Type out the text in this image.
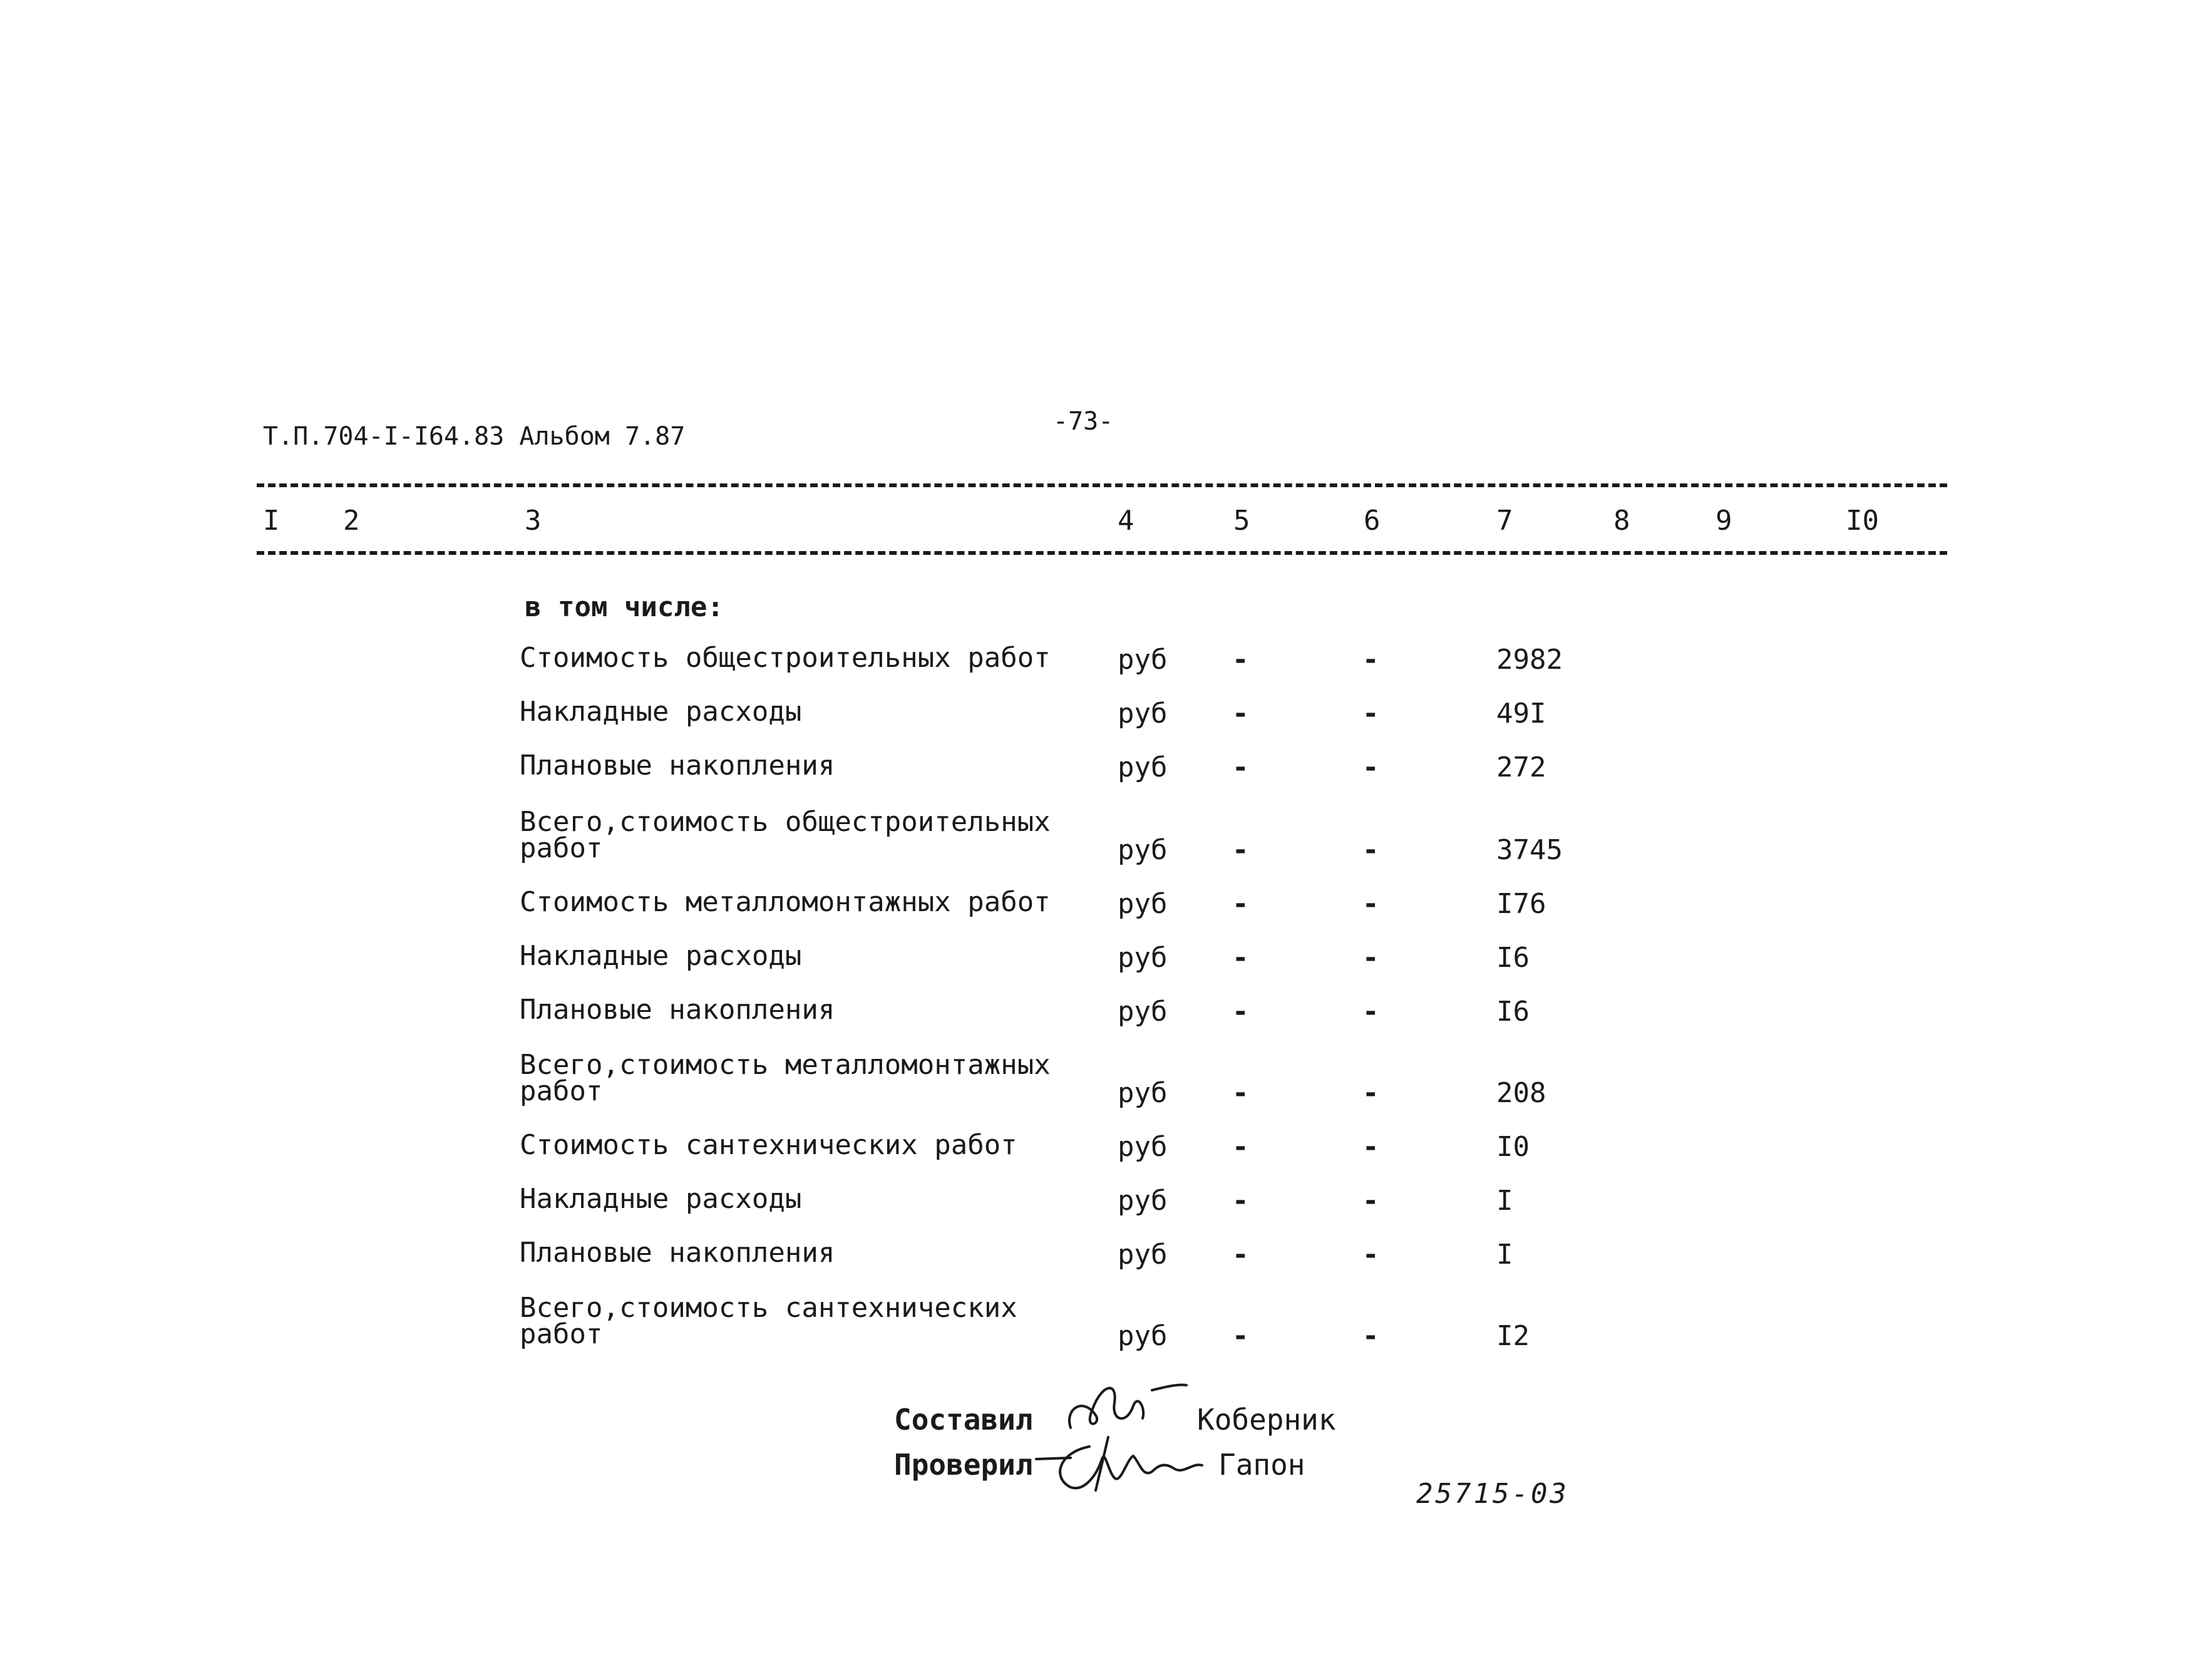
Т.П.704-I-I64.83 Альбом 7.87
-73-
I 2	3	4	5	6	7	8	9	I0
в том числе:
Стоимость общестроительных работ руб -	-	2982
Накладные расходы	руб -	-	49I
Плановые накопления	руб -	-	272
Всего,стоимость общестроительных
работ	руб -	-	3745
Стоимость металломонтажных работ руб -	-	I76
Накладные расходы	руб -	-	I6
Плановые накопления	руб -	-	I6
Всего,стоимость металломонтажных
работ	руб -	-	208
Стоимость сантехнических работ	руб -	-	I0
Накладные расходы	руб -	-	I
Плановые накопления	руб -	-	I
Всего,стоимость сантехнических
работ	руб -	-	I2
Составил	Коберник
Проверил	Гапон
25715-03
